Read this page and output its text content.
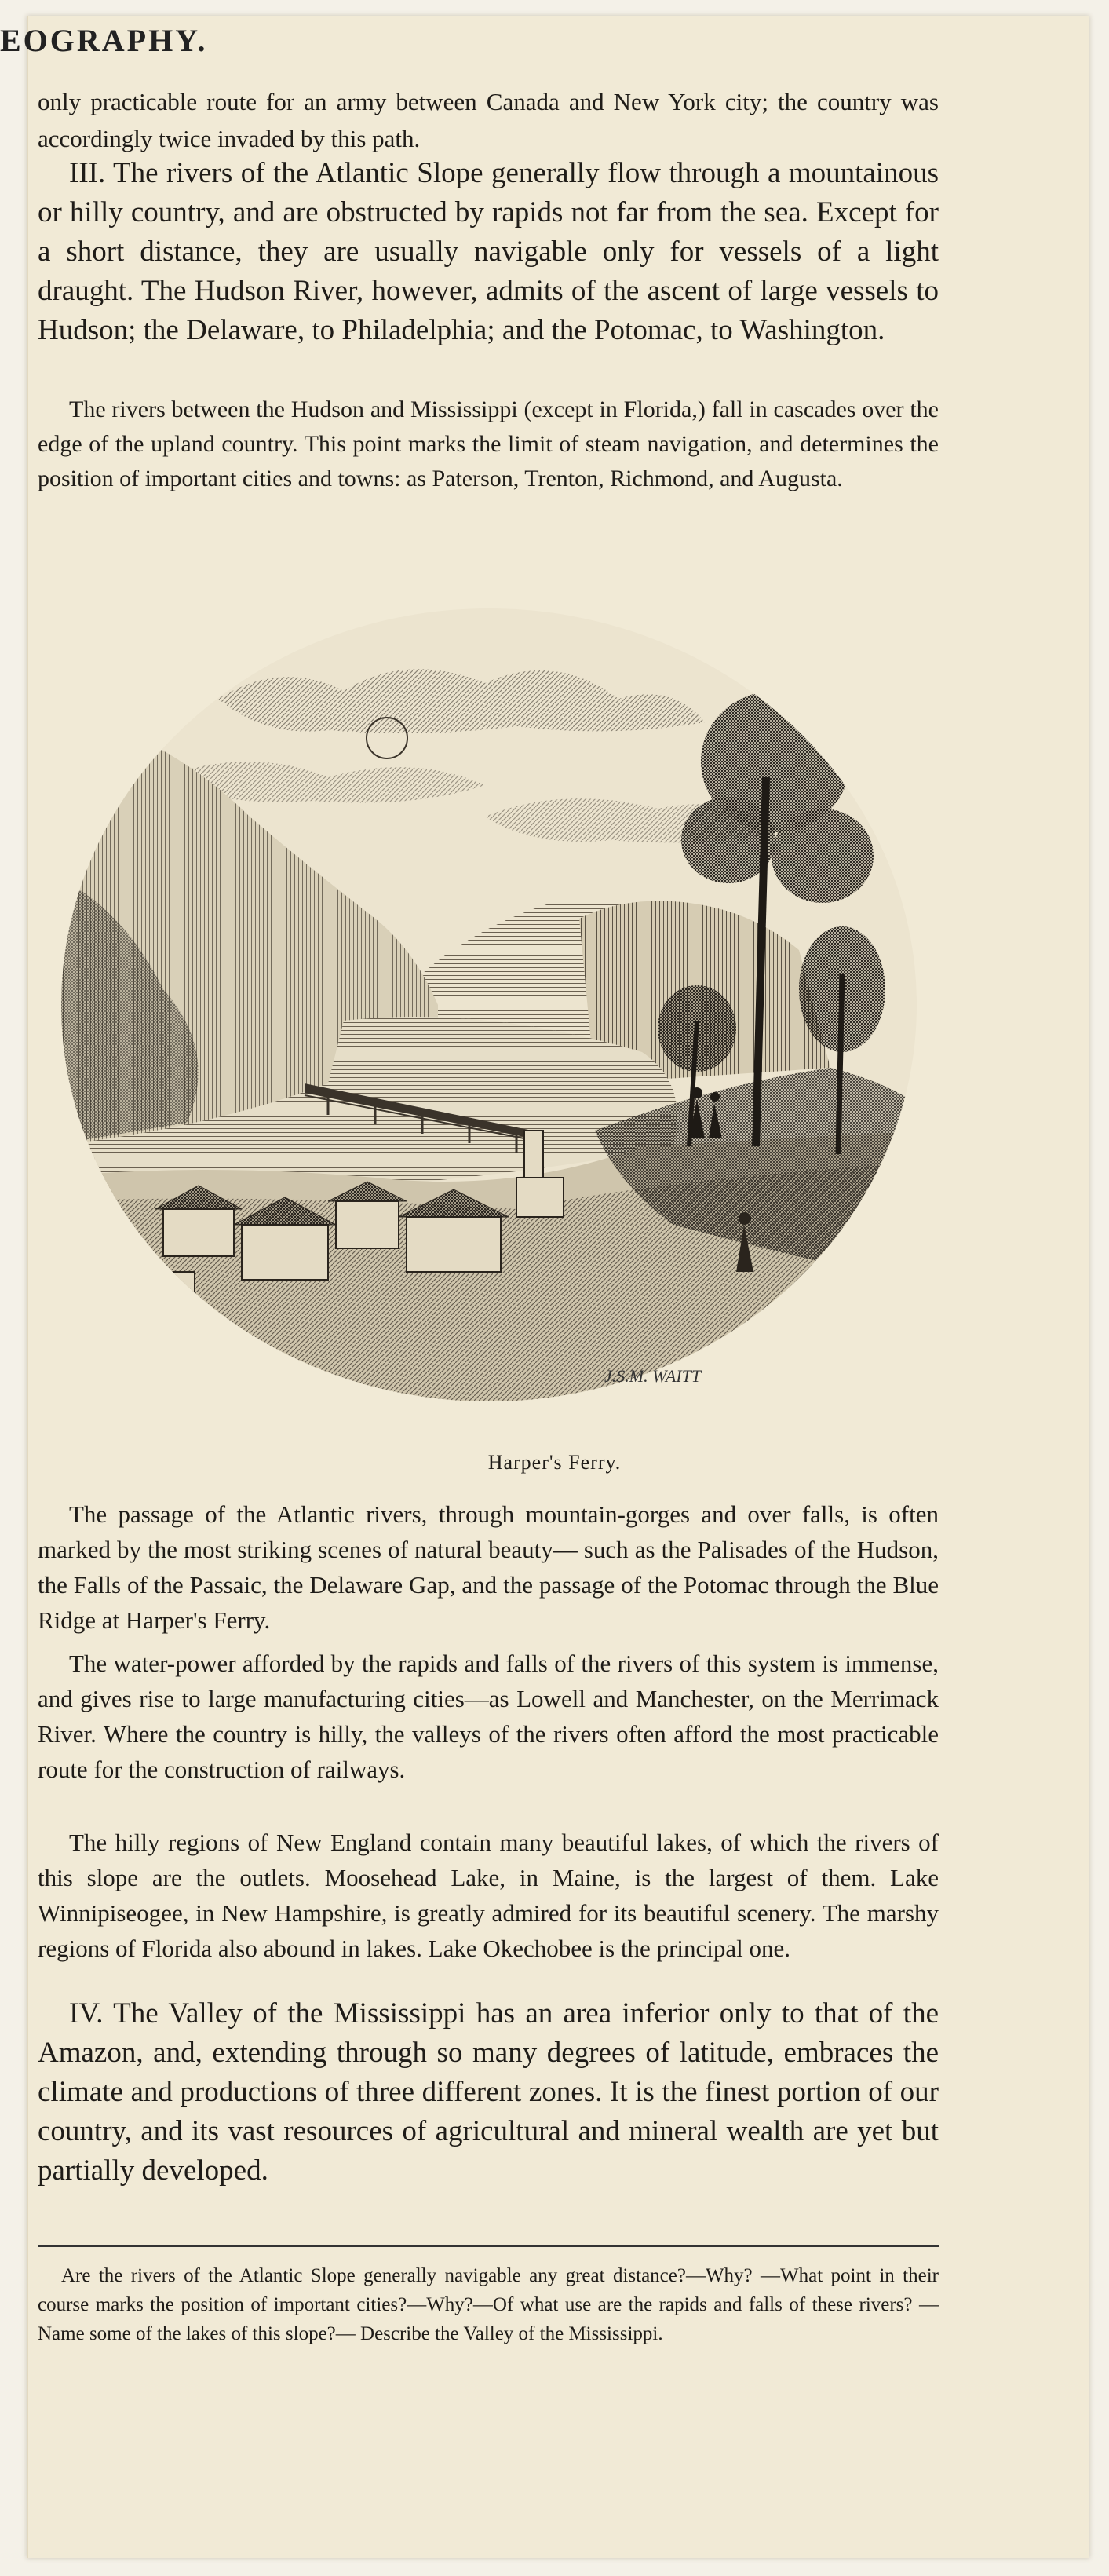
EOGRAPHY.

only practicable route for an army between Canada and New York city; the country was accordingly twice invaded by this path.

III. The rivers of the Atlantic Slope generally flow through a mountainous or hilly country, and are obstructed by rapids not far from the sea. Except for a short distance, they are usually navigable only for vessels of a light draught. The Hudson River, however, admits of the ascent of large vessels to Hudson; the Delaware, to Philadelphia; and the Potomac, to Washington.

The rivers between the Hudson and Mississippi (except in Florida,) fall in cascades over the edge of the upland country. This point marks the limit of steam navigation, and determines the position of important cities and towns: as Paterson, Trenton, Richmond, and Augusta.

J.S.M. WAITT
Harper's Ferry.

The passage of the Atlantic rivers, through mountain-gorges and over falls, is often marked by the most striking scenes of natural beauty— such as the Palisades of the Hudson, the Falls of the Passaic, the Delaware Gap, and the passage of the Potomac through the Blue Ridge at Harper's Ferry.

The water-power afforded by the rapids and falls of the rivers of this system is immense, and gives rise to large manufacturing cities—as Lowell and Manchester, on the Merrimack River. Where the country is hilly, the valleys of the rivers often afford the most practicable route for the construction of railways.

The hilly regions of New England contain many beautiful lakes, of which the rivers of this slope are the outlets. Moosehead Lake, in Maine, is the largest of them. Lake Winnipiseogee, in New Hampshire, is greatly admired for its beautiful scenery. The marshy regions of Florida also abound in lakes. Lake Okechobee is the principal one.

IV. The Valley of the Mississippi has an area inferior only to that of the Amazon, and, extending through so many degrees of latitude, embraces the climate and productions of three different zones. It is the finest portion of our country, and its vast resources of agricultural and mineral wealth are yet but partially developed.

Are the rivers of the Atlantic Slope generally navigable any great distance?—Why? —What point in their course marks the position of important cities?—Why?—Of what use are the rapids and falls of these rivers? — Name some of the lakes of this slope?— Describe the Valley of the Mississippi.
